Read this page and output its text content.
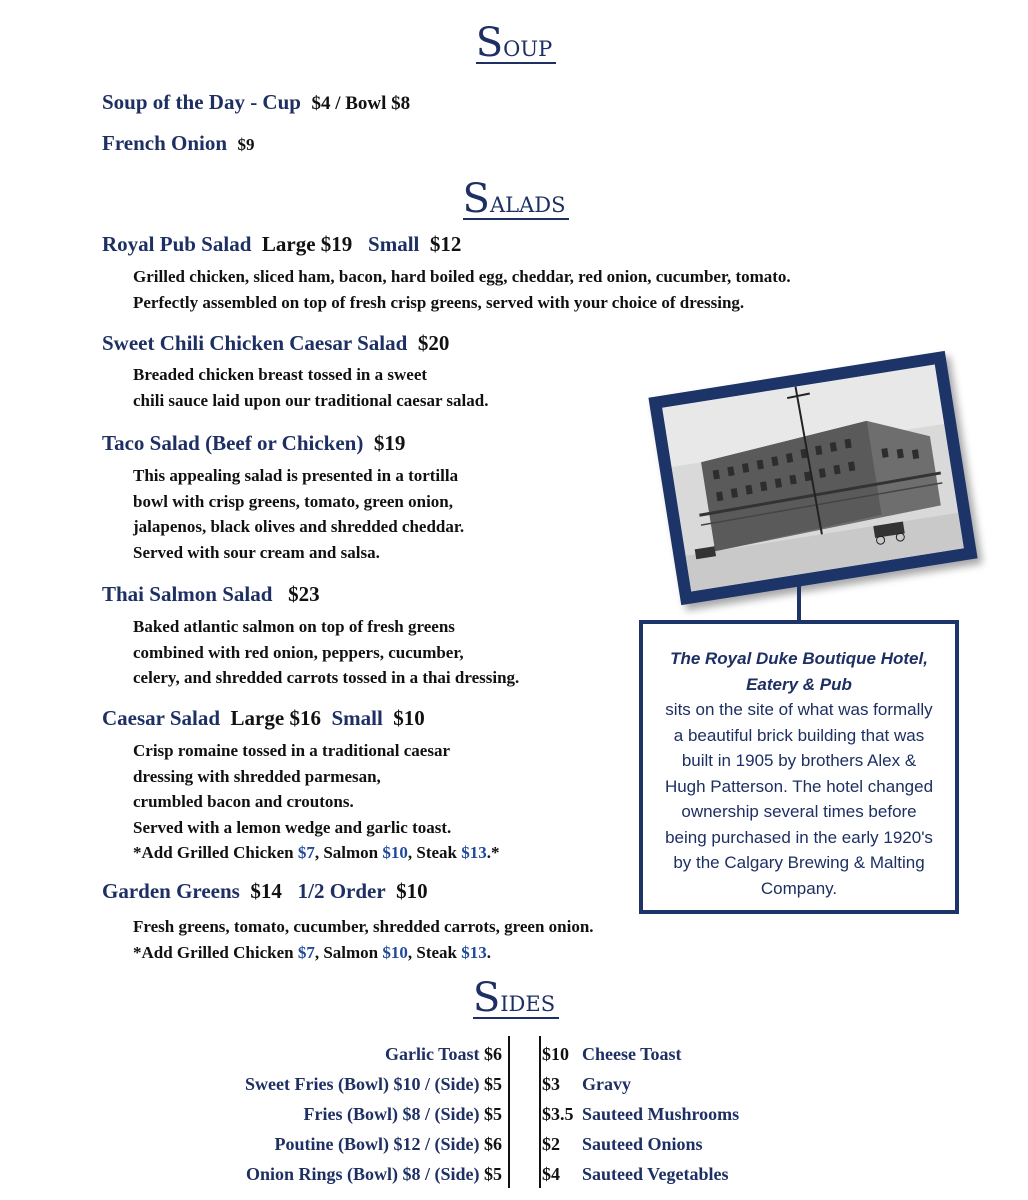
Soup
Soup of the Day - Cup $4 / Bowl $8
French Onion $9
Salads
Royal Pub Salad Large $19 Small $12
Grilled chicken, sliced ham, bacon, hard boiled egg, cheddar, red onion, cucumber, tomato.
Perfectly assembled on top of fresh crisp greens, served with your choice of dressing.
Sweet Chili Chicken Caesar Salad $20
Breaded chicken breast tossed in a sweet
chili sauce laid upon our traditional caesar salad.
Taco Salad (Beef or Chicken) $19
This appealing salad is presented in a tortilla
bowl with crisp greens, tomato, green onion,
jalapenos, black olives and shredded cheddar.
Served with sour cream and salsa.
Thai Salmon Salad $23
Baked atlantic salmon on top of fresh greens
combined with red onion, peppers, cucumber,
celery, and shredded carrots tossed in a thai dressing.
Caesar Salad Large $16 Small $10
Crisp romaine tossed in a traditional caesar
dressing with shredded parmesan,
crumbled bacon and croutons.
Served with a lemon wedge and garlic toast.
*Add Grilled Chicken $7, Salmon $10, Steak $13.*
Garden Greens $14 1/2 Order $10
Fresh greens, tomato, cucumber, shredded carrots, green onion.
*Add Grilled Chicken $7, Salmon $10, Steak $13.
The Royal Duke Boutique Hotel,
Eatery & Pub
sits on the site of what was formally
a beautiful brick building that was
built in 1905 by brothers Alex &
Hugh Patterson. The hotel changed
ownership several times before
being purchased in the early 1920's
by the Calgary Brewing & Malting
Company.
Sides
Garlic Toast $6
Sweet Fries (Bowl) $10 / (Side) $5
Fries (Bowl) $8 / (Side) $5
Poutine (Bowl) $12 / (Side) $6
Onion Rings (Bowl) $8 / (Side) $5
$10 Cheese Toast
$3 Gravy
$3.5 Sauteed Mushrooms
$2 Sauteed Onions
$4 Sauteed Vegetables
